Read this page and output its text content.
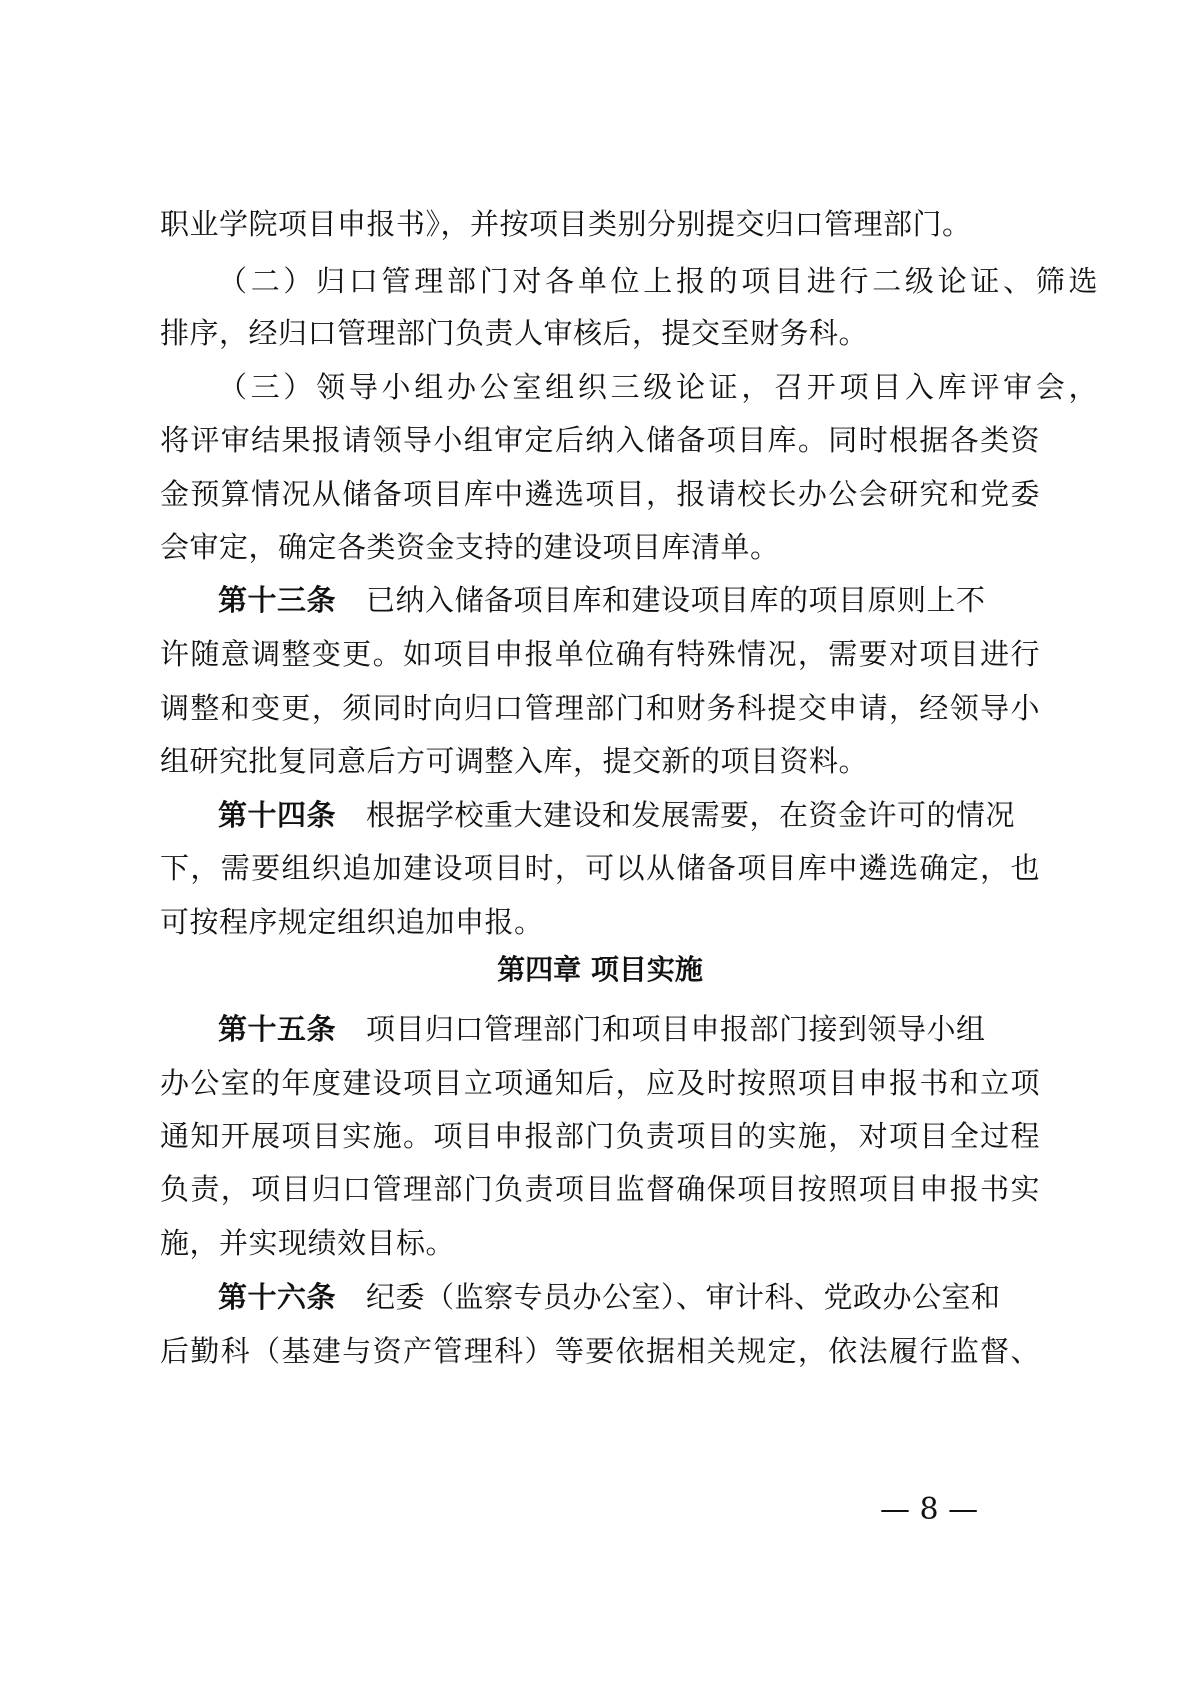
职业学院项目申报书》，并按项目类别分别提交归口管理部门。
（二）归口管理部门对各单位上报的项目进行二级论证、筛选
排序，经归口管理部门负责人审核后，提交至财务科。
（三）领导小组办公室组织三级论证，召开项目入库评审会，
将评审结果报请领导小组审定后纳入储备项目库。同时根据各类资
金预算情况从储备项目库中遴选项目，报请校长办公会研究和党委
会审定，确定各类资金支持的建设项目库清单。
第十三条 已纳入储备项目库和建设项目库的项目原则上不
许随意调整变更。如项目申报单位确有特殊情况，需要对项目进行
调整和变更，须同时向归口管理部门和财务科提交申请，经领导小
组研究批复同意后方可调整入库，提交新的项目资料。
第十四条 根据学校重大建设和发展需要，在资金许可的情况
下，需要组织追加建设项目时，可以从储备项目库中遴选确定，也
可按程序规定组织追加申报。
第四章 项目实施
第十五条 项目归口管理部门和项目申报部门接到领导小组
办公室的年度建设项目立项通知后，应及时按照项目申报书和立项
通知开展项目实施。项目申报部门负责项目的实施，对项目全过程
负责，项目归口管理部门负责项目监督确保项目按照项目申报书实
施，并实现绩效目标。
第十六条 纪委（监察专员办公室）、审计科、党政办公室和
后勤科（基建与资产管理科）等要依据相关规定，依法履行监督、
— 8 —
